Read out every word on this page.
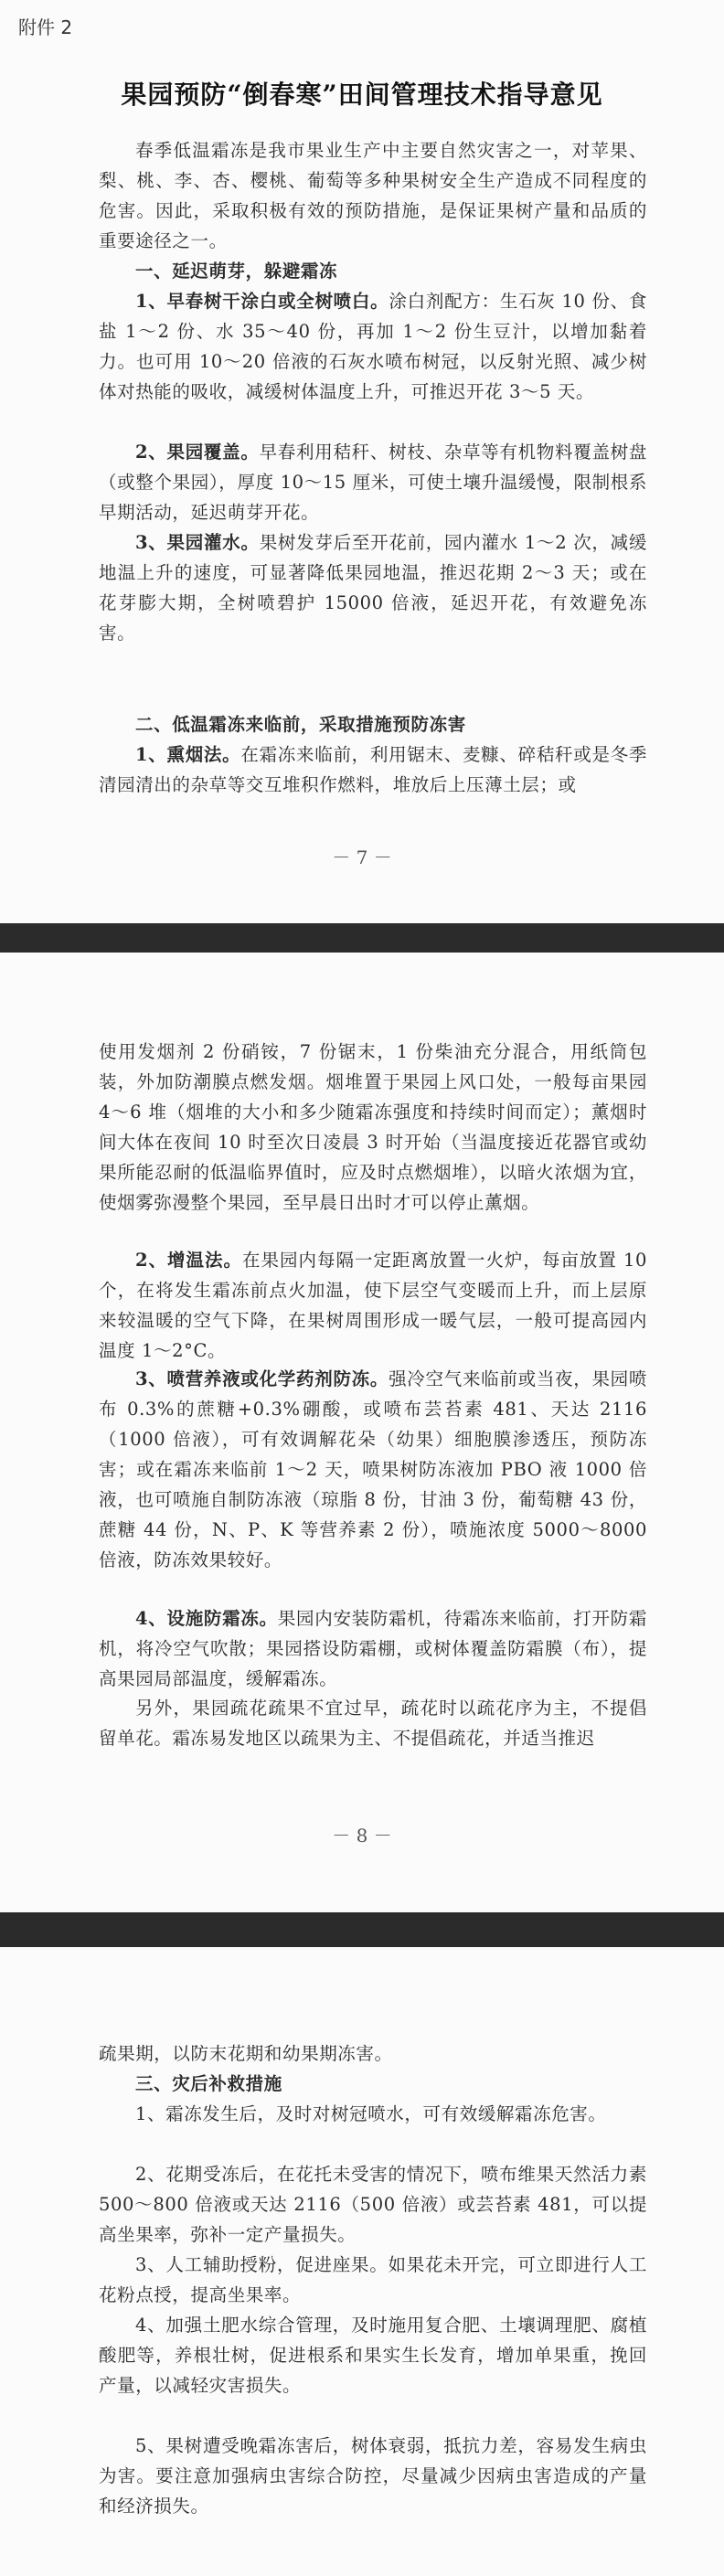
附件 2
果园预防“倒春寒”田间管理技术指导意见
春季低温霜冻是我市果业生产中主要自然灾害之一，对苹果、梨、桃、李、杏、樱桃、葡萄等多种果树安全生产造成不同程度的危害。因此，采取积极有效的预防措施，是保证果树产量和品质的重要途径之一。
一、延迟萌芽，躲避霜冻
1、早春树干涂白或全树喷白。涂白剂配方：生石灰 10 份、食盐 1～2 份、水 35～40 份，再加 1～2 份生豆汁，以增加黏着力。也可用 10～20 倍液的石灰水喷布树冠，以反射光照、减少树体对热能的吸收，减缓树体温度上升，可推迟开花 3～5 天。
2、果园覆盖。早春利用秸秆、树枝、杂草等有机物料覆盖树盘（或整个果园），厚度 10～15 厘米，可使土壤升温缓慢，限制根系早期活动，延迟萌芽开花。
3、果园灌水。果树发芽后至开花前，园内灌水 1～2 次，减缓地温上升的速度，可显著降低果园地温，推迟花期 2～3 天；或在花芽膨大期，全树喷碧护 15000 倍液，延迟开花，有效避免冻害。
二、低温霜冻来临前，采取措施预防冻害
1、熏烟法。在霜冻来临前，利用锯末、麦糠、碎秸秆或是冬季清园清出的杂草等交互堆积作燃料，堆放后上压薄土层；或
－ 7 －
使用发烟剂 2 份硝铵，7 份锯末，1 份柴油充分混合，用纸筒包装，外加防潮膜点燃发烟。烟堆置于果园上风口处，一般每亩果园 4～6 堆（烟堆的大小和多少随霜冻强度和持续时间而定）；薰烟时间大体在夜间 10 时至次日凌晨 3 时开始（当温度接近花器官或幼果所能忍耐的低温临界值时，应及时点燃烟堆），以暗火浓烟为宜，使烟雾弥漫整个果园，至早晨日出时才可以停止薰烟。
2、增温法。在果园内每隔一定距离放置一火炉，每亩放置 10 个，在将发生霜冻前点火加温，使下层空气变暖而上升，而上层原来较温暖的空气下降，在果树周围形成一暖气层，一般可提高园内温度 1～2°C。
3、喷营养液或化学药剂防冻。强冷空气来临前或当夜，果园喷布 0.3%的蔗糖+0.3%硼酸，或喷布芸苔素 481、天达 2116（1000 倍液），可有效调解花朵（幼果）细胞膜渗透压，预防冻害；或在霜冻来临前 1～2 天，喷果树防冻液加 PBO 液 1000 倍液，也可喷施自制防冻液（琼脂 8 份，甘油 3 份，葡萄糖 43 份，蔗糖 44 份，N、P、K 等营养素 2 份），喷施浓度 5000～8000 倍液，防冻效果较好。
4、设施防霜冻。果园内安装防霜机，待霜冻来临前，打开防霜机，将冷空气吹散；果园搭设防霜棚，或树体覆盖防霜膜（布），提高果园局部温度，缓解霜冻。
另外，果园疏花疏果不宜过早，疏花时以疏花序为主，不提倡留单花。霜冻易发地区以疏果为主、不提倡疏花，并适当推迟
－ 8 －
疏果期，以防末花期和幼果期冻害。
三、灾后补救措施
1、霜冻发生后，及时对树冠喷水，可有效缓解霜冻危害。
2、花期受冻后，在花托未受害的情况下，喷布维果天然活力素 500～800 倍液或天达 2116（500 倍液）或芸苔素 481，可以提高坐果率，弥补一定产量损失。
3、人工辅助授粉，促进座果。如果花未开完，可立即进行人工花粉点授，提高坐果率。
4、加强土肥水综合管理，及时施用复合肥、土壤调理肥、腐植酸肥等，养根壮树，促进根系和果实生长发育，增加单果重，挽回产量，以减轻灾害损失。
5、果树遭受晚霜冻害后，树体衰弱，抵抗力差，容易发生病虫为害。要注意加强病虫害综合防控，尽量减少因病虫害造成的产量和经济损失。
